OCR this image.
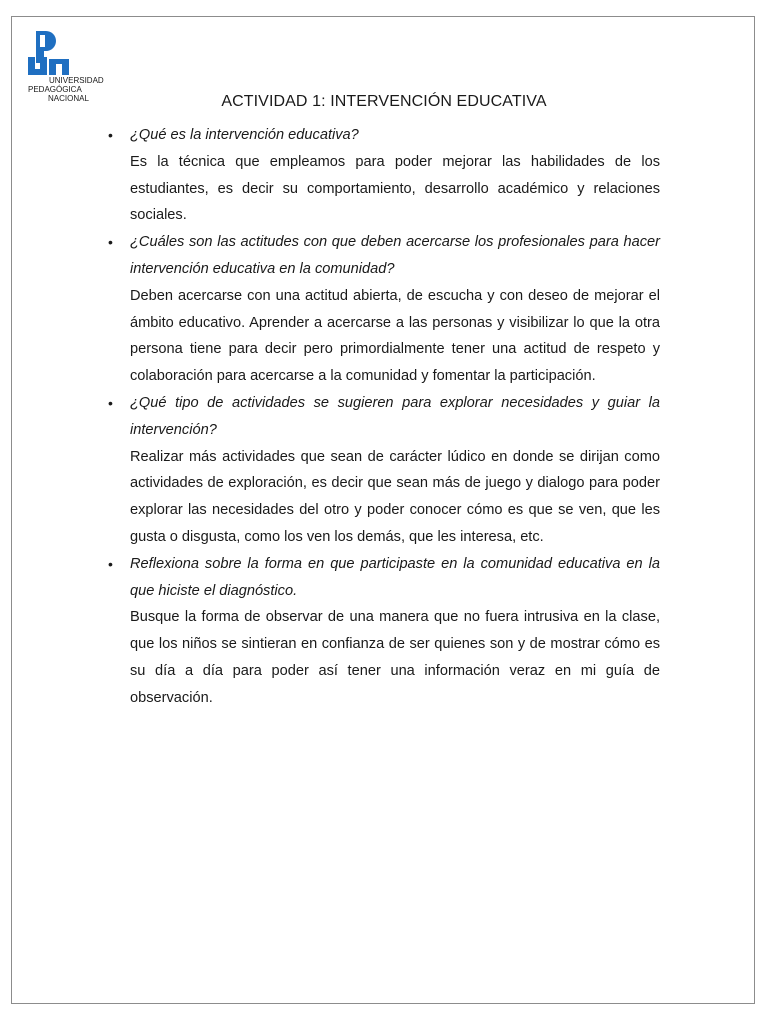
UNIVERSIDAD
PEDAGÓGICA
NACIONAL	ACTIVIDAD 1: INTERVENCIÓN EDUCATIVA
• ¿Qué es la intervención educativa?
Es la técnica que empleamos para poder mejorar las habilidades de los estudiantes, es decir su comportamiento, desarrollo académico y relaciones sociales.
• ¿Cuáles son las actitudes con que deben acercarse los profesionales para hacer intervención educativa en la comunidad?
Deben acercarse con una actitud abierta, de escucha y con deseo de mejorar el ámbito educativo. Aprender a acercarse a las personas y visibilizar lo que la otra persona tiene para decir pero primordialmente tener una actitud de respeto y colaboración para acercarse a la comunidad y fomentar la participación.
• ¿Qué tipo de actividades se sugieren para explorar necesidades y guiar la intervención?
Realizar más actividades que sean de carácter lúdico en donde se dirijan como actividades de exploración, es decir que sean más de juego y dialogo para poder explorar las necesidades del otro y poder conocer cómo es que se ven, que les gusta o disgusta, como los ven los demás, que les interesa, etc.
• Reflexiona sobre la forma en que participaste en la comunidad educativa en la que hiciste el diagnóstico.
Busque la forma de observar de una manera que no fuera intrusiva en la clase, que los niños se sintieran en confianza de ser quienes son y de mostrar cómo es su día a día para poder así tener una información veraz en mi guía de observación.
